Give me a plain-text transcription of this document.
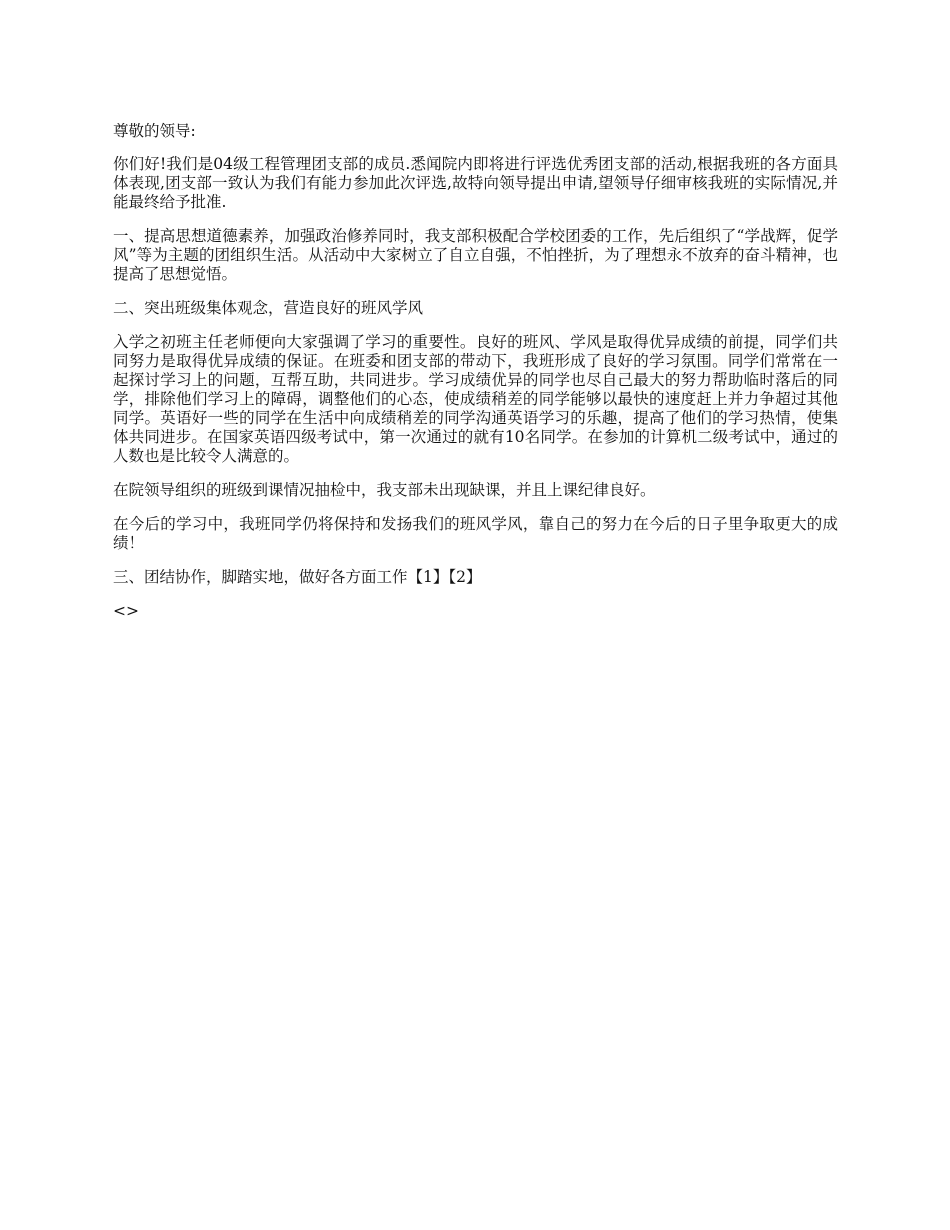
尊敬的领导:

你们好!我们是04级工程管理团支部的成员.悉闻院内即将进行评选优秀团支部的活动,根据我班的各方面具体表现,团支部一致认为我们有能力参加此次评选,故特向领导提出申请,望领导仔细审核我班的实际情况,并能最终给予批准.

一、提高思想道德素养，加强政治修养同时，我支部积极配合学校团委的工作，先后组织了“学战辉，促学风”等为主题的团组织生活。从活动中大家树立了自立自强，不怕挫折，为了理想永不放弃的奋斗精神，也提高了思想觉悟。

二、突出班级集体观念，营造良好的班风学风

入学之初班主任老师便向大家强调了学习的重要性。良好的班风、学风是取得优异成绩的前提，同学们共同努力是取得优异成绩的保证。在班委和团支部的带动下，我班形成了良好的学习氛围。同学们常常在一起探讨学习上的问题，互帮互助，共同进步。学习成绩优异的同学也尽自己最大的努力帮助临时落后的同学，排除他们学习上的障碍，调整他们的心态，使成绩稍差的同学能够以最快的速度赶上并力争超过其他同学。英语好一些的同学在生活中向成绩稍差的同学沟通英语学习的乐趣，提高了他们的学习热情，使集体共同进步。在国家英语四级考试中，第一次通过的就有10名同学。在参加的计算机二级考试中，通过的人数也是比较令人满意的。

在院领导组织的班级到课情况抽检中，我支部未出现缺课，并且上课纪律良好。

在今后的学习中，我班同学仍将保持和发扬我们的班风学风，靠自己的努力在今后的日子里争取更大的成绩！

三、团结协作，脚踏实地，做好各方面工作【1】【2】

<>
